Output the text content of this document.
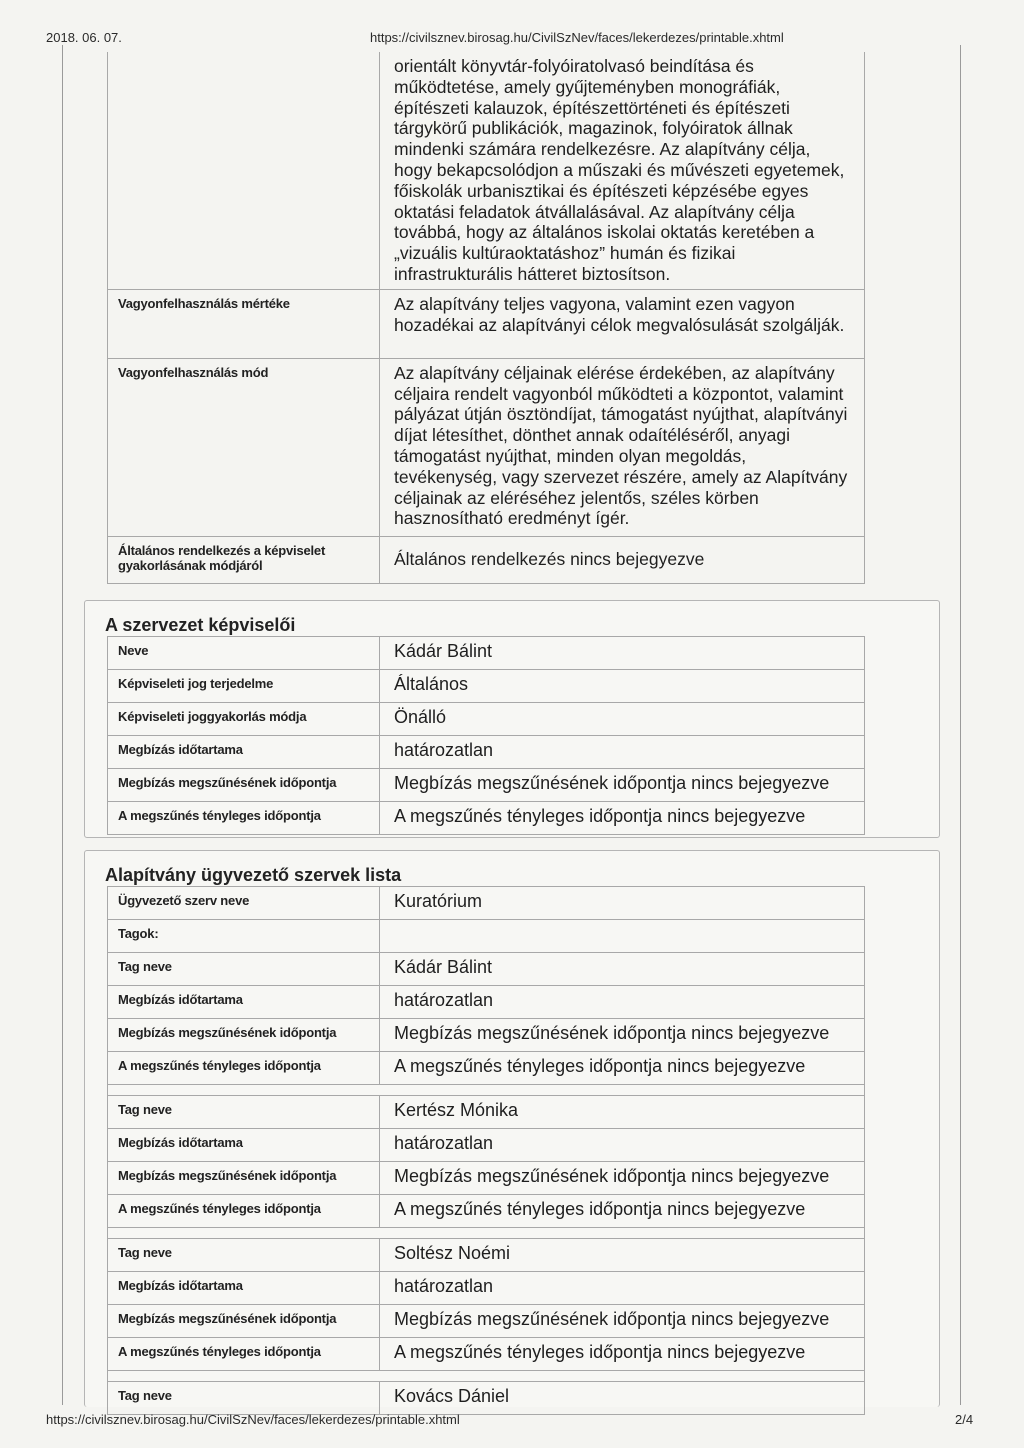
2018. 06. 07.	https://civilsznev.birosag.hu/CivilSzNev/faces/lekerdezes/printable.xhtml
	orientált könyvtár-folyóiratolvasó beindítása és működtetése, amely gyűjteményben monográfiák, építészeti kalauzok, építészettörténeti és építészeti tárgykörű publikációk, magazinok, folyóiratok állnak mindenki számára rendelkezésre. Az alapítvány célja, hogy bekapcsolódjon a műszaki és művészeti egyetemek, főiskolák urbanisztikai és építészeti képzésébe egyes oktatási feladatok átvállalásával. Az alapítvány célja továbbá, hogy az általános iskolai oktatás keretében a „vizuális kultúraoktatáshoz” humán és fizikai infrastrukturális hátteret biztosítson.
Vagyonfelhasználás mértéke	Az alapítvány teljes vagyona, valamint ezen vagyon hozadékai az alapítványi célok megvalósulását szolgálják.
Vagyonfelhasználás mód	Az alapítvány céljainak elérése érdekében, az alapítvány céljaira rendelt vagyonból működteti a központot, valamint pályázat útján ösztöndíjat, támogatást nyújthat, alapítványi díjat létesíthet, dönthet annak odaítéléséről, anyagi támogatást nyújthat, minden olyan megoldás, tevékenység, vagy szervezet részére, amely az Alapítvány céljainak az eléréséhez jelentős, széles körben hasznosítható eredményt ígér.
Általános rendelkezés a képviselet gyakorlásának módjáról	Általános rendelkezés nincs bejegyezve
A szervezet képviselői
Neve	Kádár Bálint
Képviseleti jog terjedelme	Általános
Képviseleti joggyakorlás módja	Önálló
Megbízás időtartama	határozatlan
Megbízás megszűnésének időpontja	Megbízás megszűnésének időpontja nincs bejegyezve
A megszűnés tényleges időpontja	A megszűnés tényleges időpontja nincs bejegyezve
Alapítvány ügyvezető szervek lista
Ügyvezető szerv neve	Kuratórium
Tagok:	
Tag neve	Kádár Bálint
Megbízás időtartama	határozatlan
Megbízás megszűnésének időpontja	Megbízás megszűnésének időpontja nincs bejegyezve
A megszűnés tényleges időpontja	A megszűnés tényleges időpontja nincs bejegyezve

Tag neve	Kertész Mónika
Megbízás időtartama	határozatlan
Megbízás megszűnésének időpontja	Megbízás megszűnésének időpontja nincs bejegyezve
A megszűnés tényleges időpontja	A megszűnés tényleges időpontja nincs bejegyezve

Tag neve	Soltész Noémi
Megbízás időtartama	határozatlan
Megbízás megszűnésének időpontja	Megbízás megszűnésének időpontja nincs bejegyezve
A megszűnés tényleges időpontja	A megszűnés tényleges időpontja nincs bejegyezve

Tag neve	Kovács Dániel
https://civilsznev.birosag.hu/CivilSzNev/faces/lekerdezes/printable.xhtml	2/4
